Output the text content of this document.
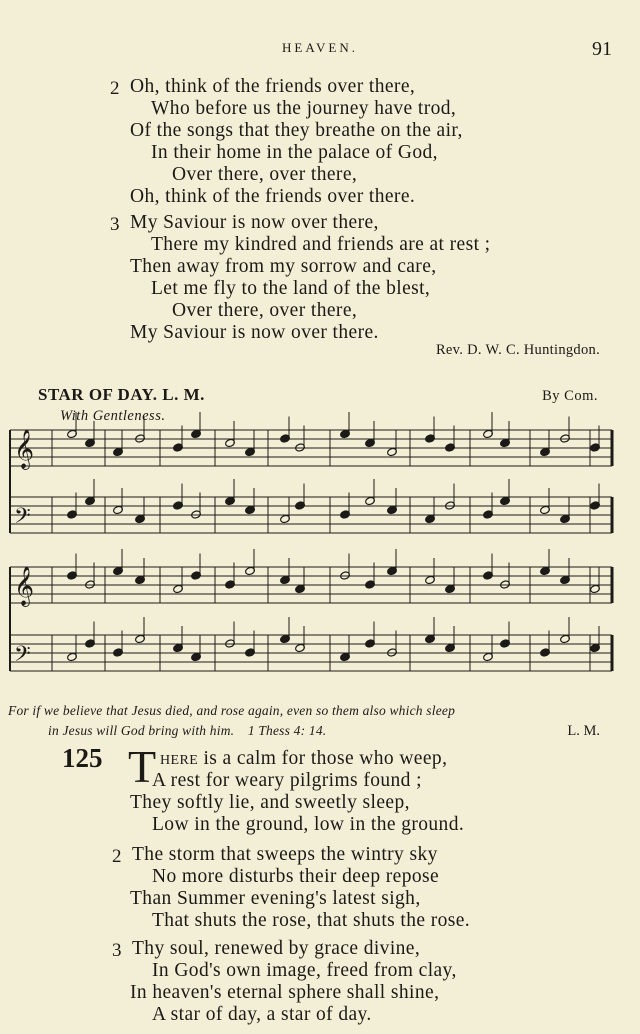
HEAVEN.	91
2 Oh, think of the friends over there,
Who before us the journey have trod,
Of the songs that they breathe on the air,
In their home in the palace of God,
Over there, over there,
Oh, think of the friends over there.
3 My Saviour is now over there,
There my kindred and friends are at rest ;
Then away from my sorrow and care,
Let me fly to the land of the blest,
Over there, over there,
My Saviour is now over there.
Rev. D. W. C. Huntingdon.
STAR OF DAY. L. M.	By Com.
With Gentleness.
𝄞
𝄢
𝄞
𝄢
For if we believe that Jesus died, and rose again, even so them also which sleep
in Jesus will God bring with him. 1 Thess 4: 14.	L. M.
125 T here is a calm for those who weep,
A rest for weary pilgrims found ;
They softly lie, and sweetly sleep,
Low in the ground, low in the ground.
2 The storm that sweeps the wintry sky
No more disturbs their deep repose
Than Summer evening's latest sigh,
That shuts the rose, that shuts the rose.
3 Thy soul, renewed by grace divine,
In God's own image, freed from clay,
In heaven's eternal sphere shall shine,
A star of day, a star of day.
